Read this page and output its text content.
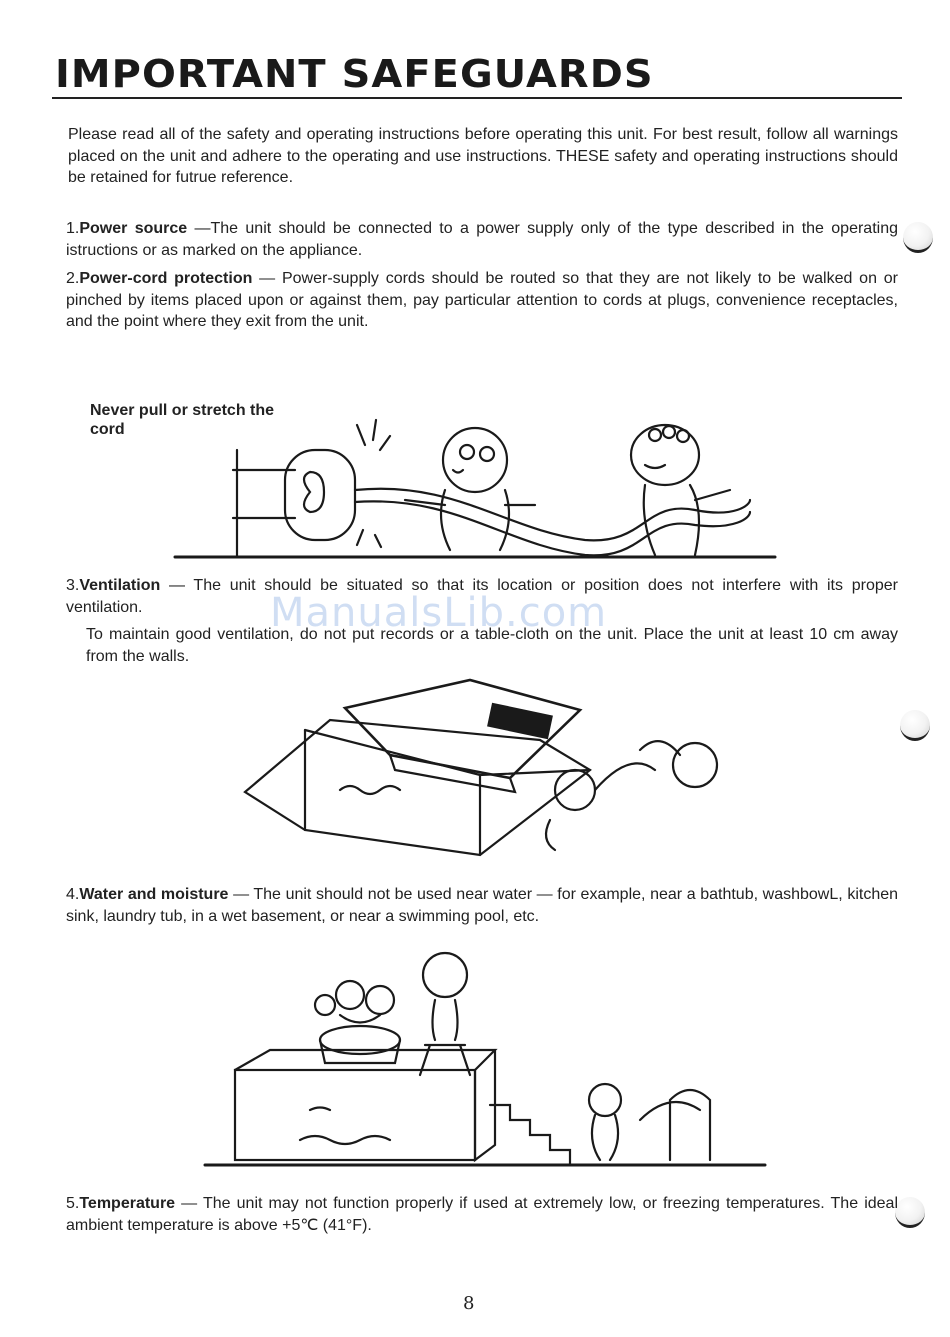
IMPORTANT SAFEGUARDS
Please read all of the safety and operating instructions before operating this unit. For best result, follow all warnings placed on the unit and adhere to the operating and use instructions. THESE safety and operating instructions should be retained for futrue reference.
1.Power source —The unit should be connected to a power supply only of the type described in the operating istructions or as marked on the appliance.
2.Power-cord protection — Power-supply cords should be routed so that they are not likely to be walked on or pinched by items placed upon or against them, pay particular attention to cords at plugs, convenience receptacles, and the point where they exit from the unit.
Never pull or stretch the cord
3.Ventilation — The unit should be situated so that its location or position does not interfere with its proper ventilation.
To maintain good ventilation, do not put records or a table-cloth on the unit. Place the unit at least 10 cm away from the walls.
ManualsLib.com
4.Water and moisture — The unit should not be used near water — for example, near a bathtub, washbowL, kitchen sink, laundry tub, in a wet basement, or near a swimming pool, etc.
5.Temperature — The unit may not function properly if used at extremely low, or freezing temperatures. The ideal ambient temperature is above +5℃ (41°F).
8
